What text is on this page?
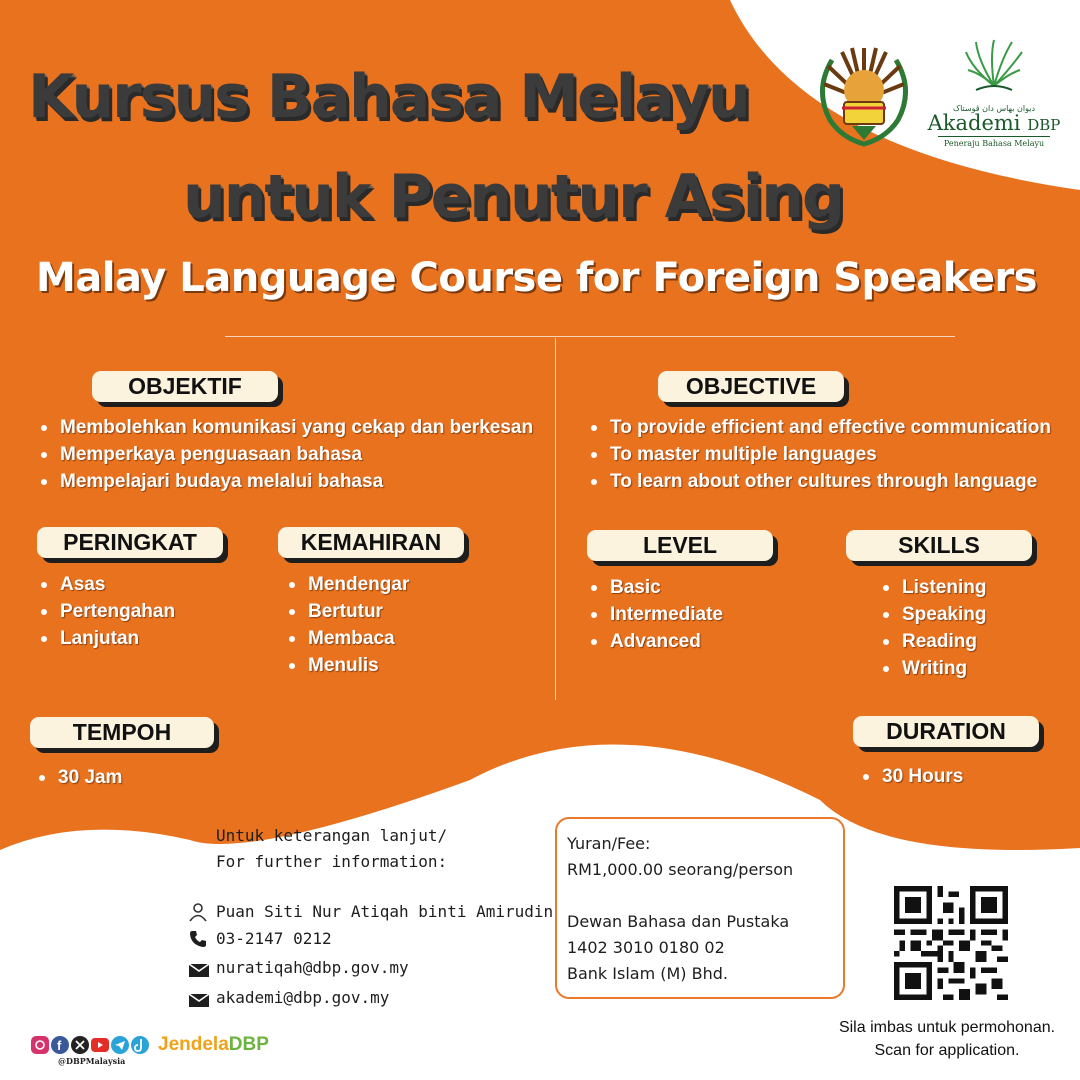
ديوان بهاس دان ڤوستاک
Akademi DBP
Peneraju Bahasa Melayu
Kursus Bahasa Melayu
untuk Penutur Asing
Malay Language Course for Foreign Speakers
OBJEKTIF
Membolehkan komunikasi yang cekap dan berkesan
Memperkaya penguasaan bahasa
Mempelajari budaya melalui bahasa
PERINGKAT
Asas
Pertengahan
Lanjutan
KEMAHIRAN
Mendengar
Bertutur
Membaca
Menulis
TEMPOH
30 Jam
OBJECTIVE
To provide efficient and effective communication
To master multiple languages
To learn about other cultures through language
LEVEL
Basic
Intermediate
Advanced
SKILLS
Listening
Speaking
Reading
Writing
DURATION
30 Hours
Untuk keterangan lanjut/
For further information:
Puan Siti Nur Atiqah binti Amirudin
03-2147 0212
nuratiqah@dbp.gov.my
akademi@dbp.gov.my
Yuran/Fee:
RM1,000.00 seorang/person
Dewan Bahasa dan Pustaka
1402 3010 0180 02
Bank Islam (M) Bhd.
Sila imbas untuk permohonan.
Scan for application.
f
@DBPMalaysia
JendelaDBP
